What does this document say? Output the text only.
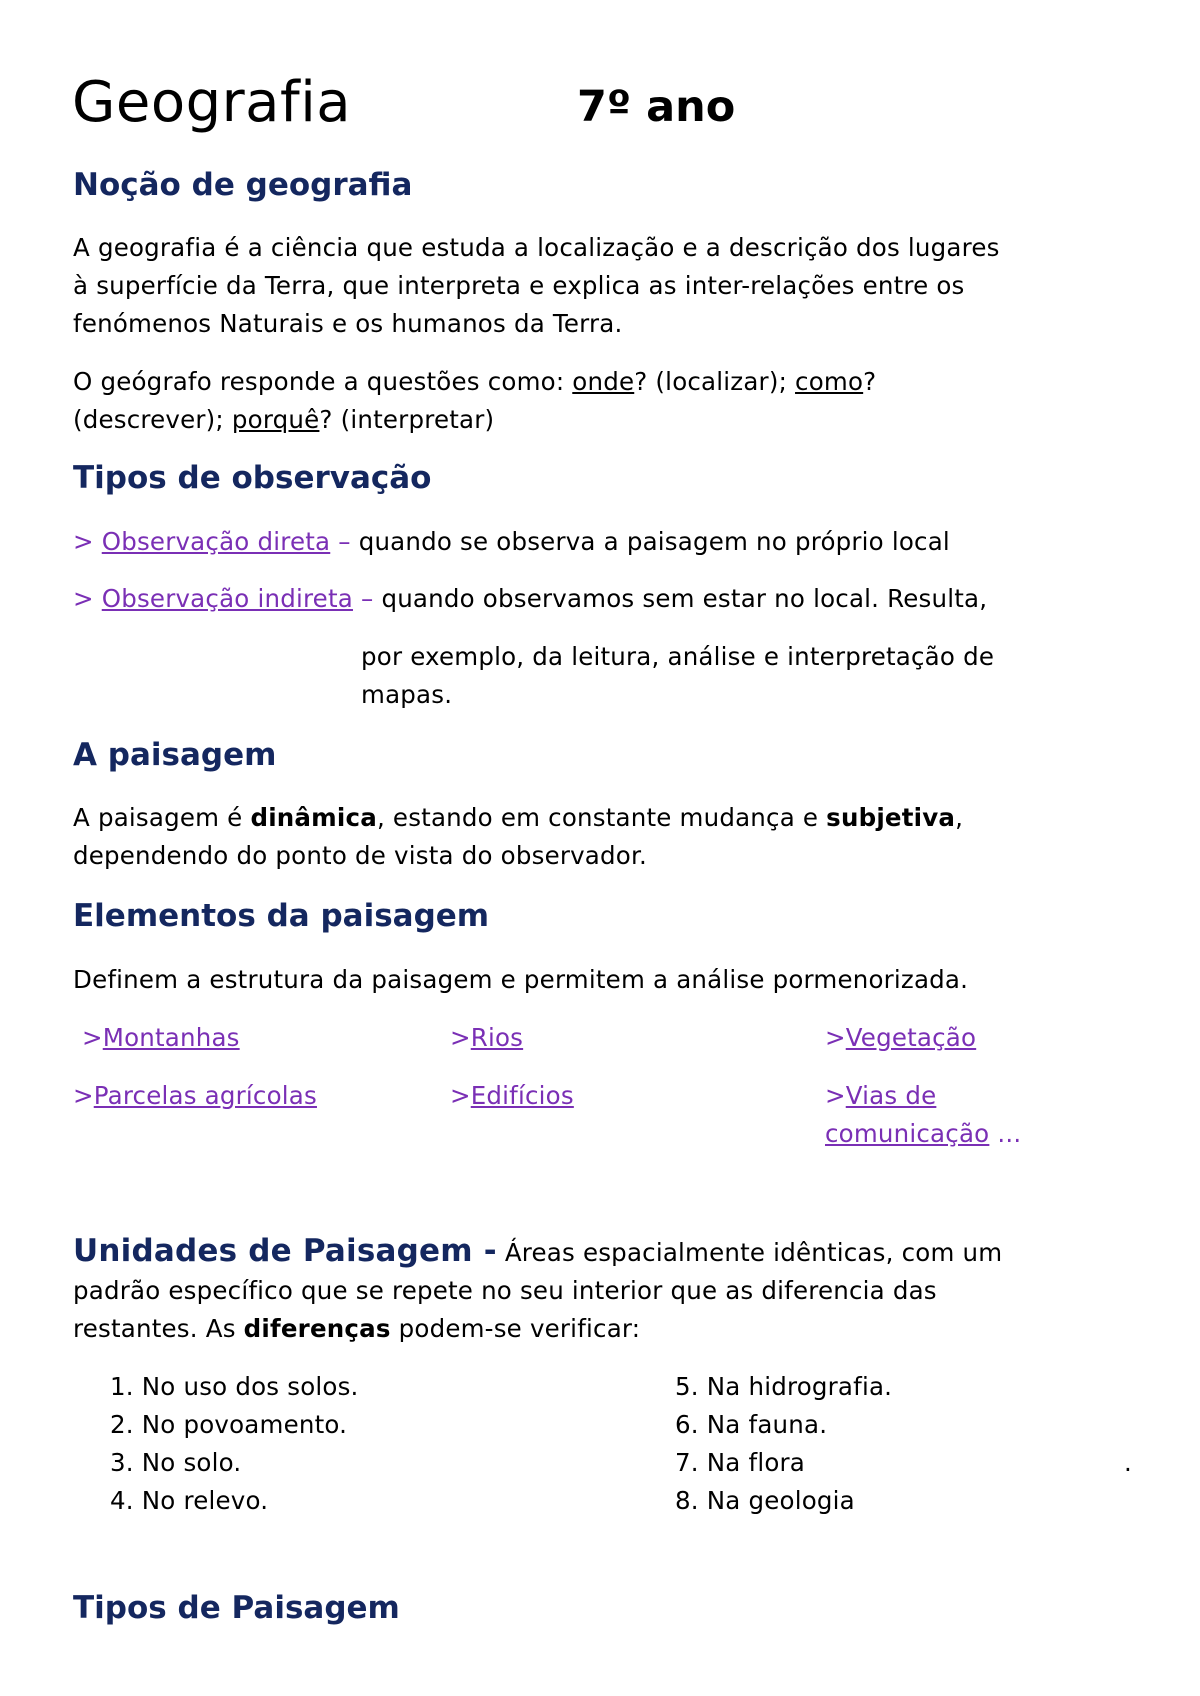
Geografia	7º ano
Noção de geografia
A geografia é a ciência que estuda a localização e a descrição dos lugares
à superfície da Terra, que interpreta e explica as inter-relações entre os
fenómenos Naturais e os humanos da Terra.
O geógrafo responde a questões como: onde? (localizar); como?
(descrever); porquê? (interpretar)
Tipos de observação
> Observação direta – quando se observa a paisagem no próprio local
> Observação indireta – quando observamos sem estar no local. Resulta,
por exemplo, da leitura, análise e interpretação de
mapas.
A paisagem
A paisagem é dinâmica, estando em constante mudança e subjetiva,
dependendo do ponto de vista do observador.
Elementos da paisagem
Definem a estrutura da paisagem e permitem a análise pormenorizada.
>Montanhas	>Rios	>Vegetação
>Parcelas agrícolas	>Edifícios	>Vias de
comunicação ...
Unidades de Paisagem - Áreas espacialmente idênticas, com um
padrão específico que se repete no seu interior que as diferencia das
restantes. As diferenças podem-se verificar:
1. No uso dos solos.
2. No povoamento.
3. No solo.
4. No relevo.
5. Na hidrografia.
6. Na fauna.
7. Na flora
8. Na geologia
.
Tipos de Paisagem
